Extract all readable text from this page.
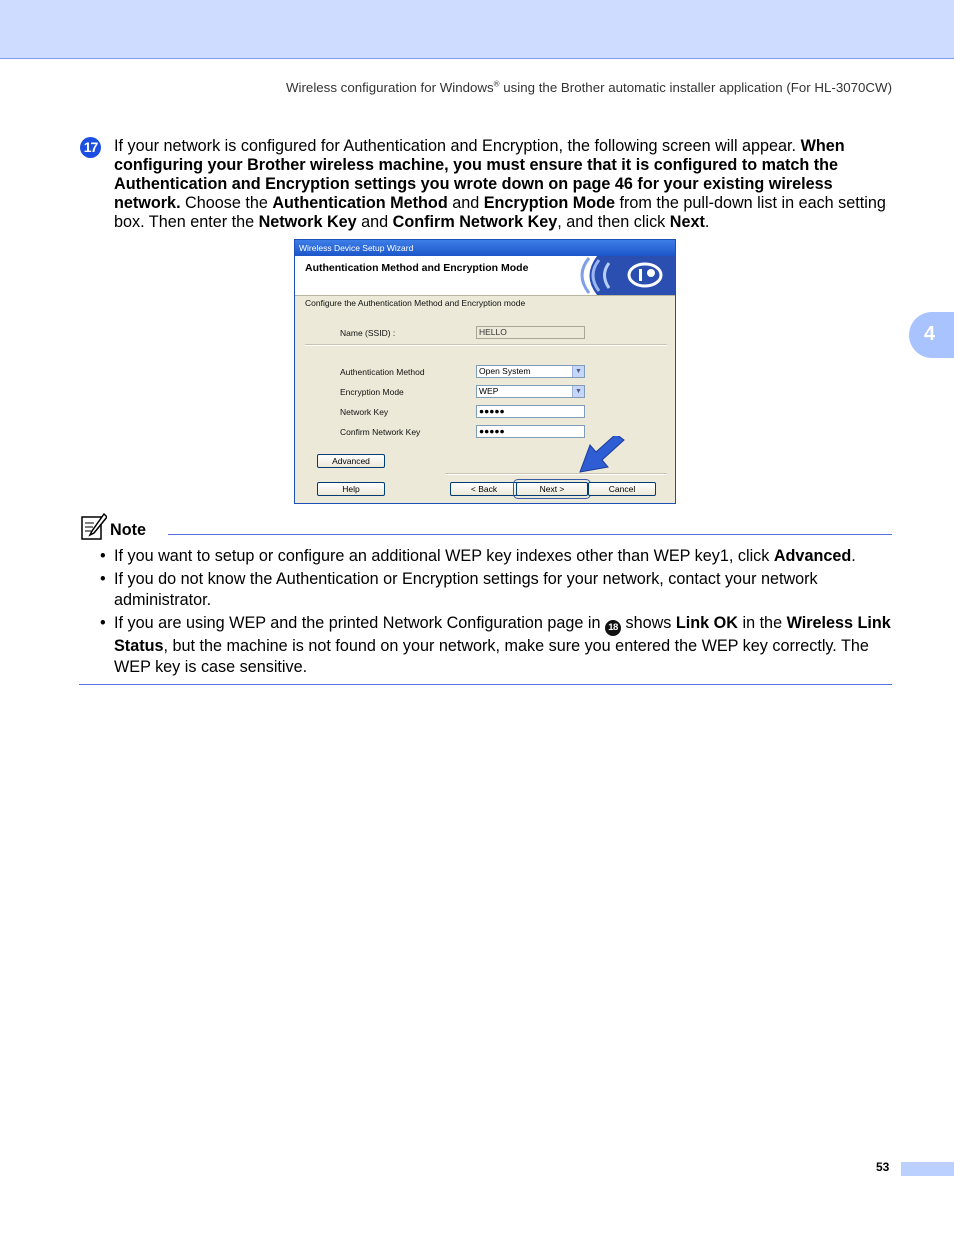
Wireless configuration for Windows® using the Brother automatic installer application (For HL-3070CW)
4
17 If your network is configured for Authentication and Encryption, the following screen will appear. When configuring your Brother wireless machine, you must ensure that it is configured to match the Authentication and Encryption settings you wrote down on page 46 for your existing wireless network. Choose the Authentication Method and Encryption Mode from the pull-down list in each setting box. Then enter the Network Key and Confirm Network Key, and then click Next.
Wireless Device Setup Wizard
Authentication Method and Encryption Mode
Configure the Authentication Method and Encryption mode
Name (SSID) :	HELLO
Authentication Method	Open System	▼
Encryption Mode	WEP	▼
Network Key	●●●●●
Confirm Network Key	●●●●●
Advanced
Help	< Back	Next >	Cancel
Note
• If you want to setup or configure an additional WEP key indexes other than WEP key1, click Advanced.
• If you do not know the Authentication or Encryption settings for your network, contact your network administrator.
• If you are using WEP and the printed Network Configuration page in 18 shows Link OK in the Wireless Link Status, but the machine is not found on your network, make sure you entered the WEP key correctly. The WEP key is case sensitive.
53
